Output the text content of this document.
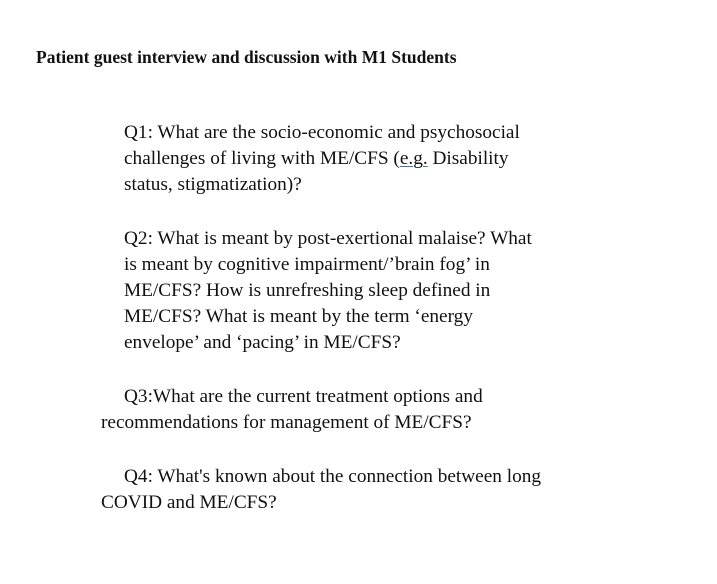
Patient guest interview and discussion with M1 Students
Q1: What are the socio-economic and psychosocial
challenges of living with ME/CFS (e.g. Disability
status, stigmatization)?
Q2: What is meant by post-exertional malaise? What
is meant by cognitive impairment/’brain fog’ in
ME/CFS? How is unrefreshing sleep defined in
ME/CFS? What is meant by the term ‘energy
envelope’ and ‘pacing’ in ME/CFS?
Q3:What are the current treatment options and
recommendations for management of ME/CFS?
Q4: What's known about the connection between long
COVID and ME/CFS?
